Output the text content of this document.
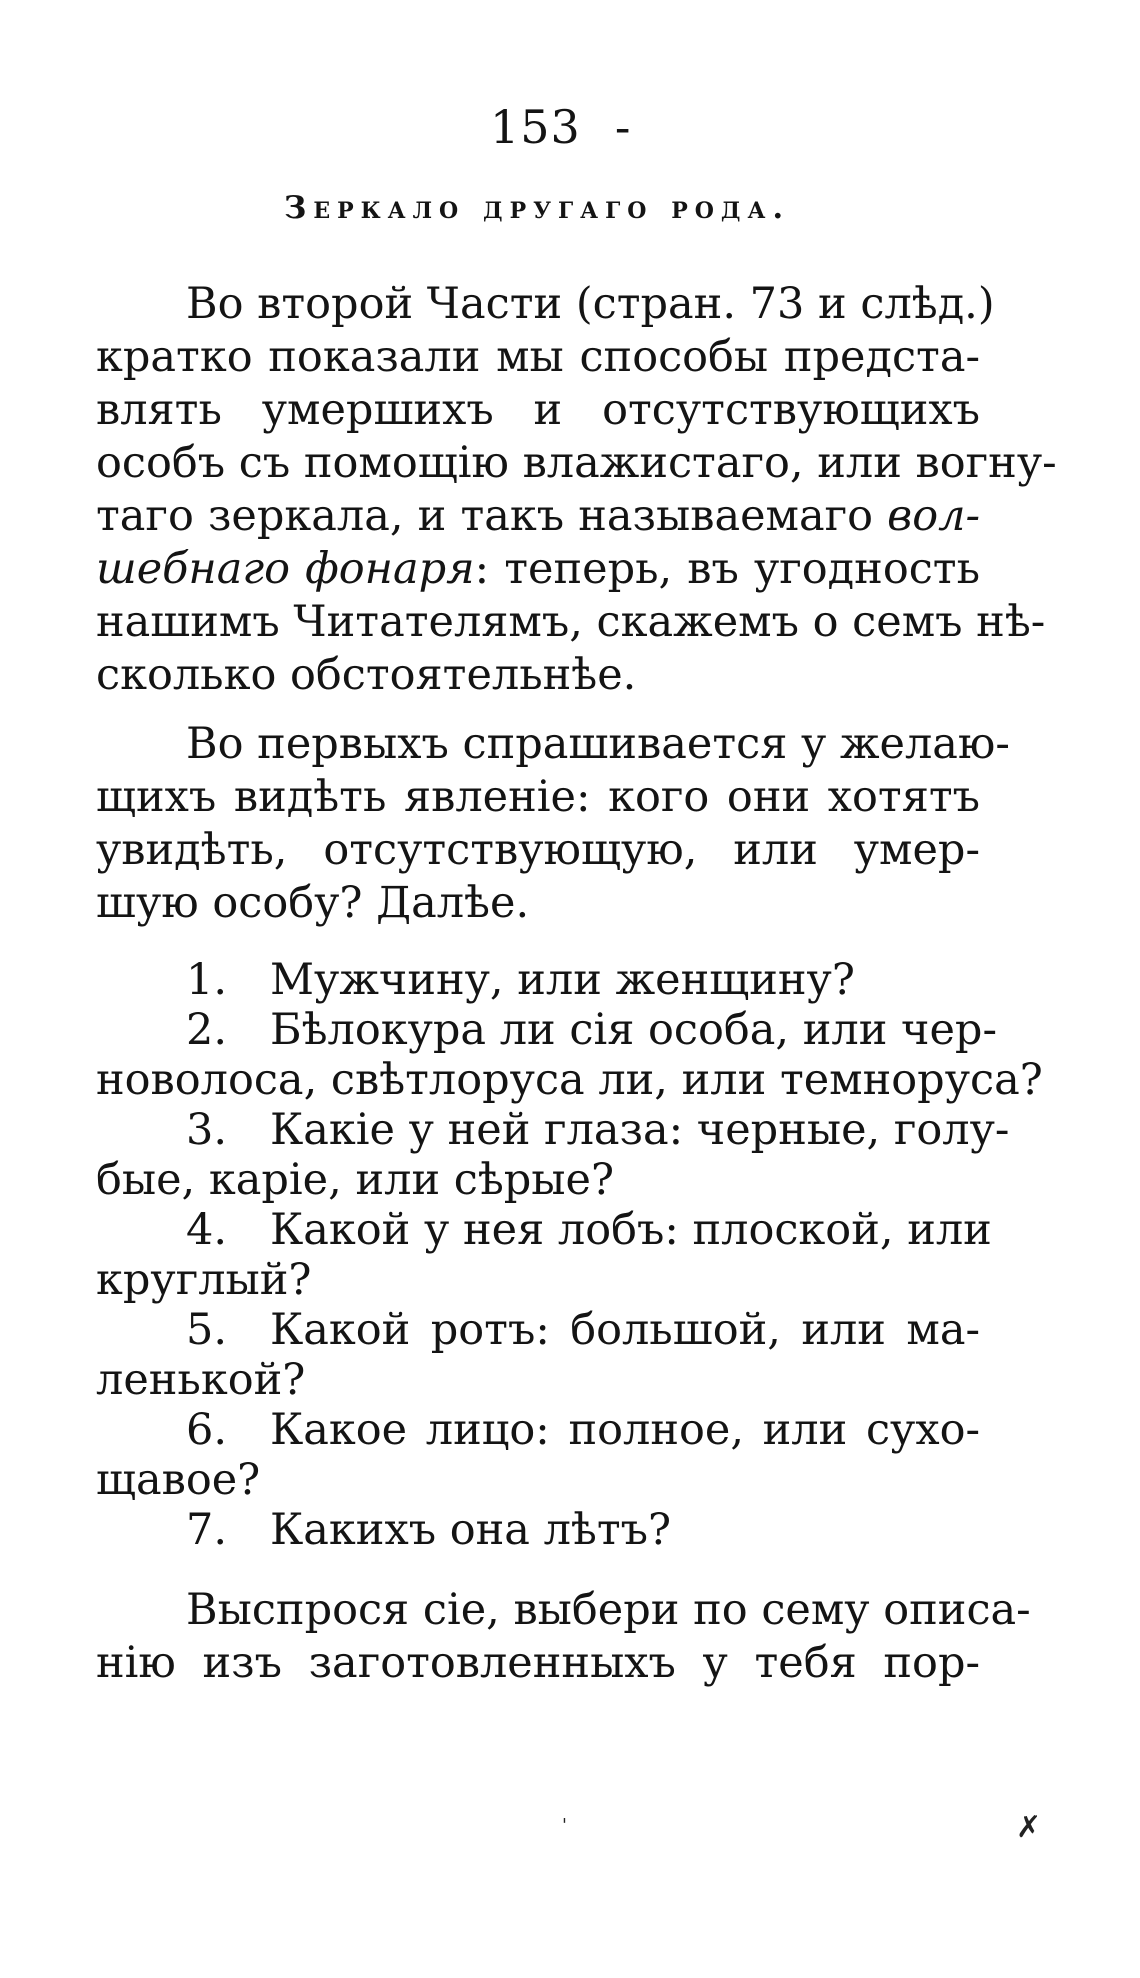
153 -
Зеркало другаго рода.
Во второй Части (стран. 73 и слѣд.)
кратко показали мы способы предста-
влять умершихъ и отсутствующихъ
особъ съ помощію влажистаго, или вогну-
таго зеркала, и такъ называемаго вол-
шебнаго фонаря: теперь, въ угодность
нашимъ Читателямъ, скажемъ о семъ нѣ-
сколько обстоятельнѣе.
Во первыхъ спрашивается у желаю-
щихъ видѣть явленіе: кого они хотятъ
увидѣть, отсутствующую, или умер-
шую особу? Далѣе.
1. Мужчину, или женщину?
2. Бѣлокура ли сія особа, или чер-
новолоса, свѣтлоруса ли, или темноруса?
3. Какіе у ней глаза: черные, голу-
бые, каріе, или сѣрые?
4. Какой у нея лобъ: плоской, или
круглый?
5. Какой ротъ: большой, или ма-
ленькой?
6. Какое лицо: полное, или сухо-
щавое?
7. Какихъ она лѣтъ?
Выспрося сіе, выбери по сему описа-
нію изъ заготовленныхъ у тебя пор-
✗
'
